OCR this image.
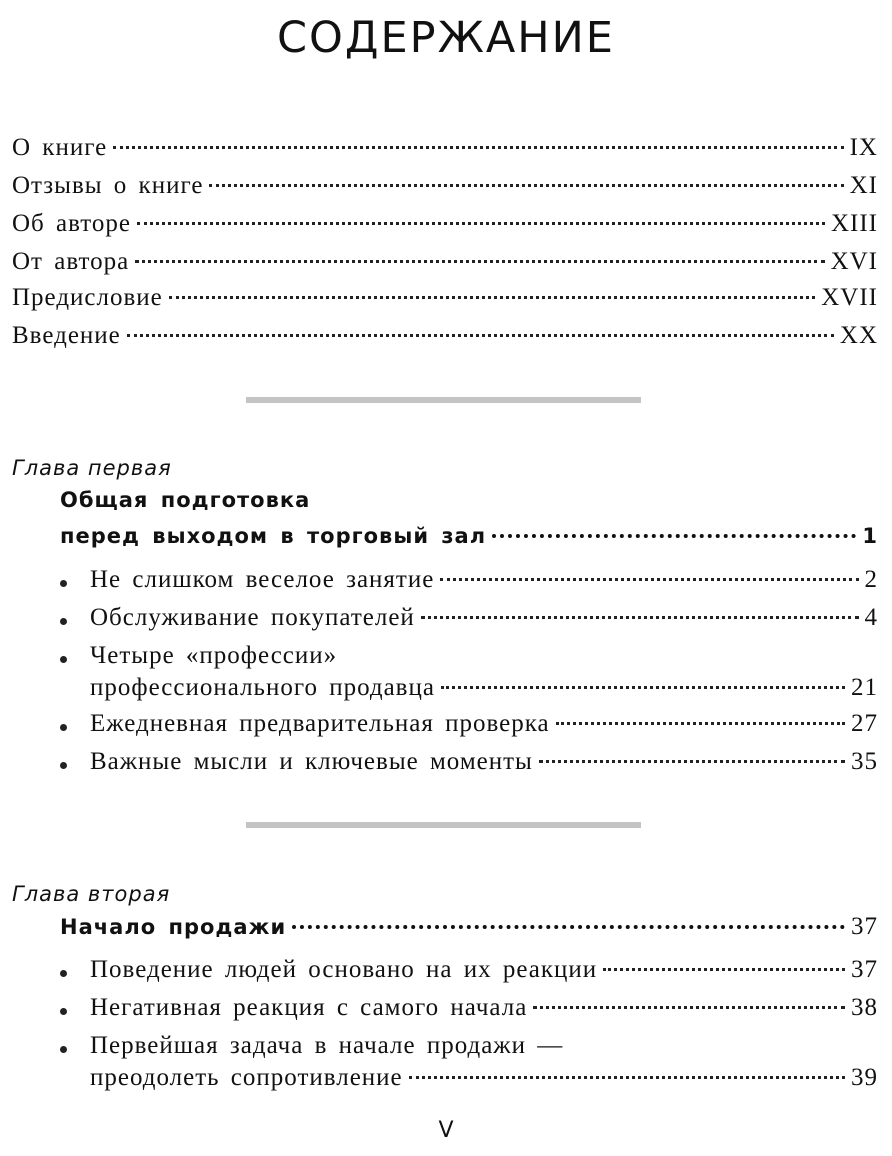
СОДЕРЖАНИЕ
О книге	IX
Отзывы о книге	XI
Об авторе	XIII
От автора	XVI
Предисловие	XVII
Введение	XX
Глава первая
Общая подготовка
перед выходом в торговый зал	1
Не слишком веселое занятие	2
Обслуживание покупателей	4
Четыре «профессии»
профессионального продавца	21
Ежедневная предварительная проверка	27
Важные мысли и ключевые моменты	35
Глава вторая
Начало продажи	37
Поведение людей основано на их реакции	37
Негативная реакция с самого начала	38
Первейшая задача в начале продажи —
преодолеть сопротивление	39
V
